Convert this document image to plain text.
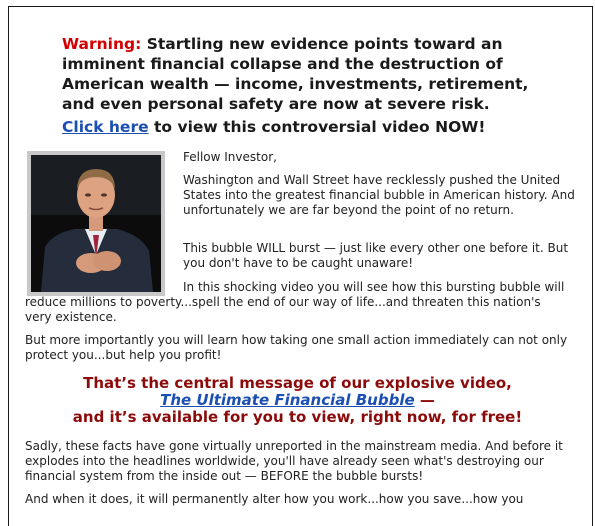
Warning: Startling new evidence points toward an imminent financial collapse and the destruction of American wealth — income, investments, retirement, and even personal safety are now at severe risk.

Click here to view this controversial video NOW!

Fellow Investor,

Washington and Wall Street have recklessly pushed the United States into the greatest financial bubble in American history. And unfortunately we are far beyond the point of no return.

This bubble WILL burst — just like every other one before it. But you don't have to be caught unaware!

In this shocking video you will see how this bursting bubble will reduce millions to poverty...spell the end of our way of life...and threaten this nation's very existence.

But more importantly you will learn how taking one small action immediately can not only protect you...but help you profit!

That’s the central message of our explosive video,

The Ultimate Financial Bubble —

and it’s available for you to view, right now, for free!

Sadly, these facts have gone virtually unreported in the mainstream media. And before it explodes into the headlines worldwide, you'll have already seen what's destroying our financial system from the inside out — BEFORE the bubble bursts!

And when it does, it will permanently alter how you work...how you save...how you
